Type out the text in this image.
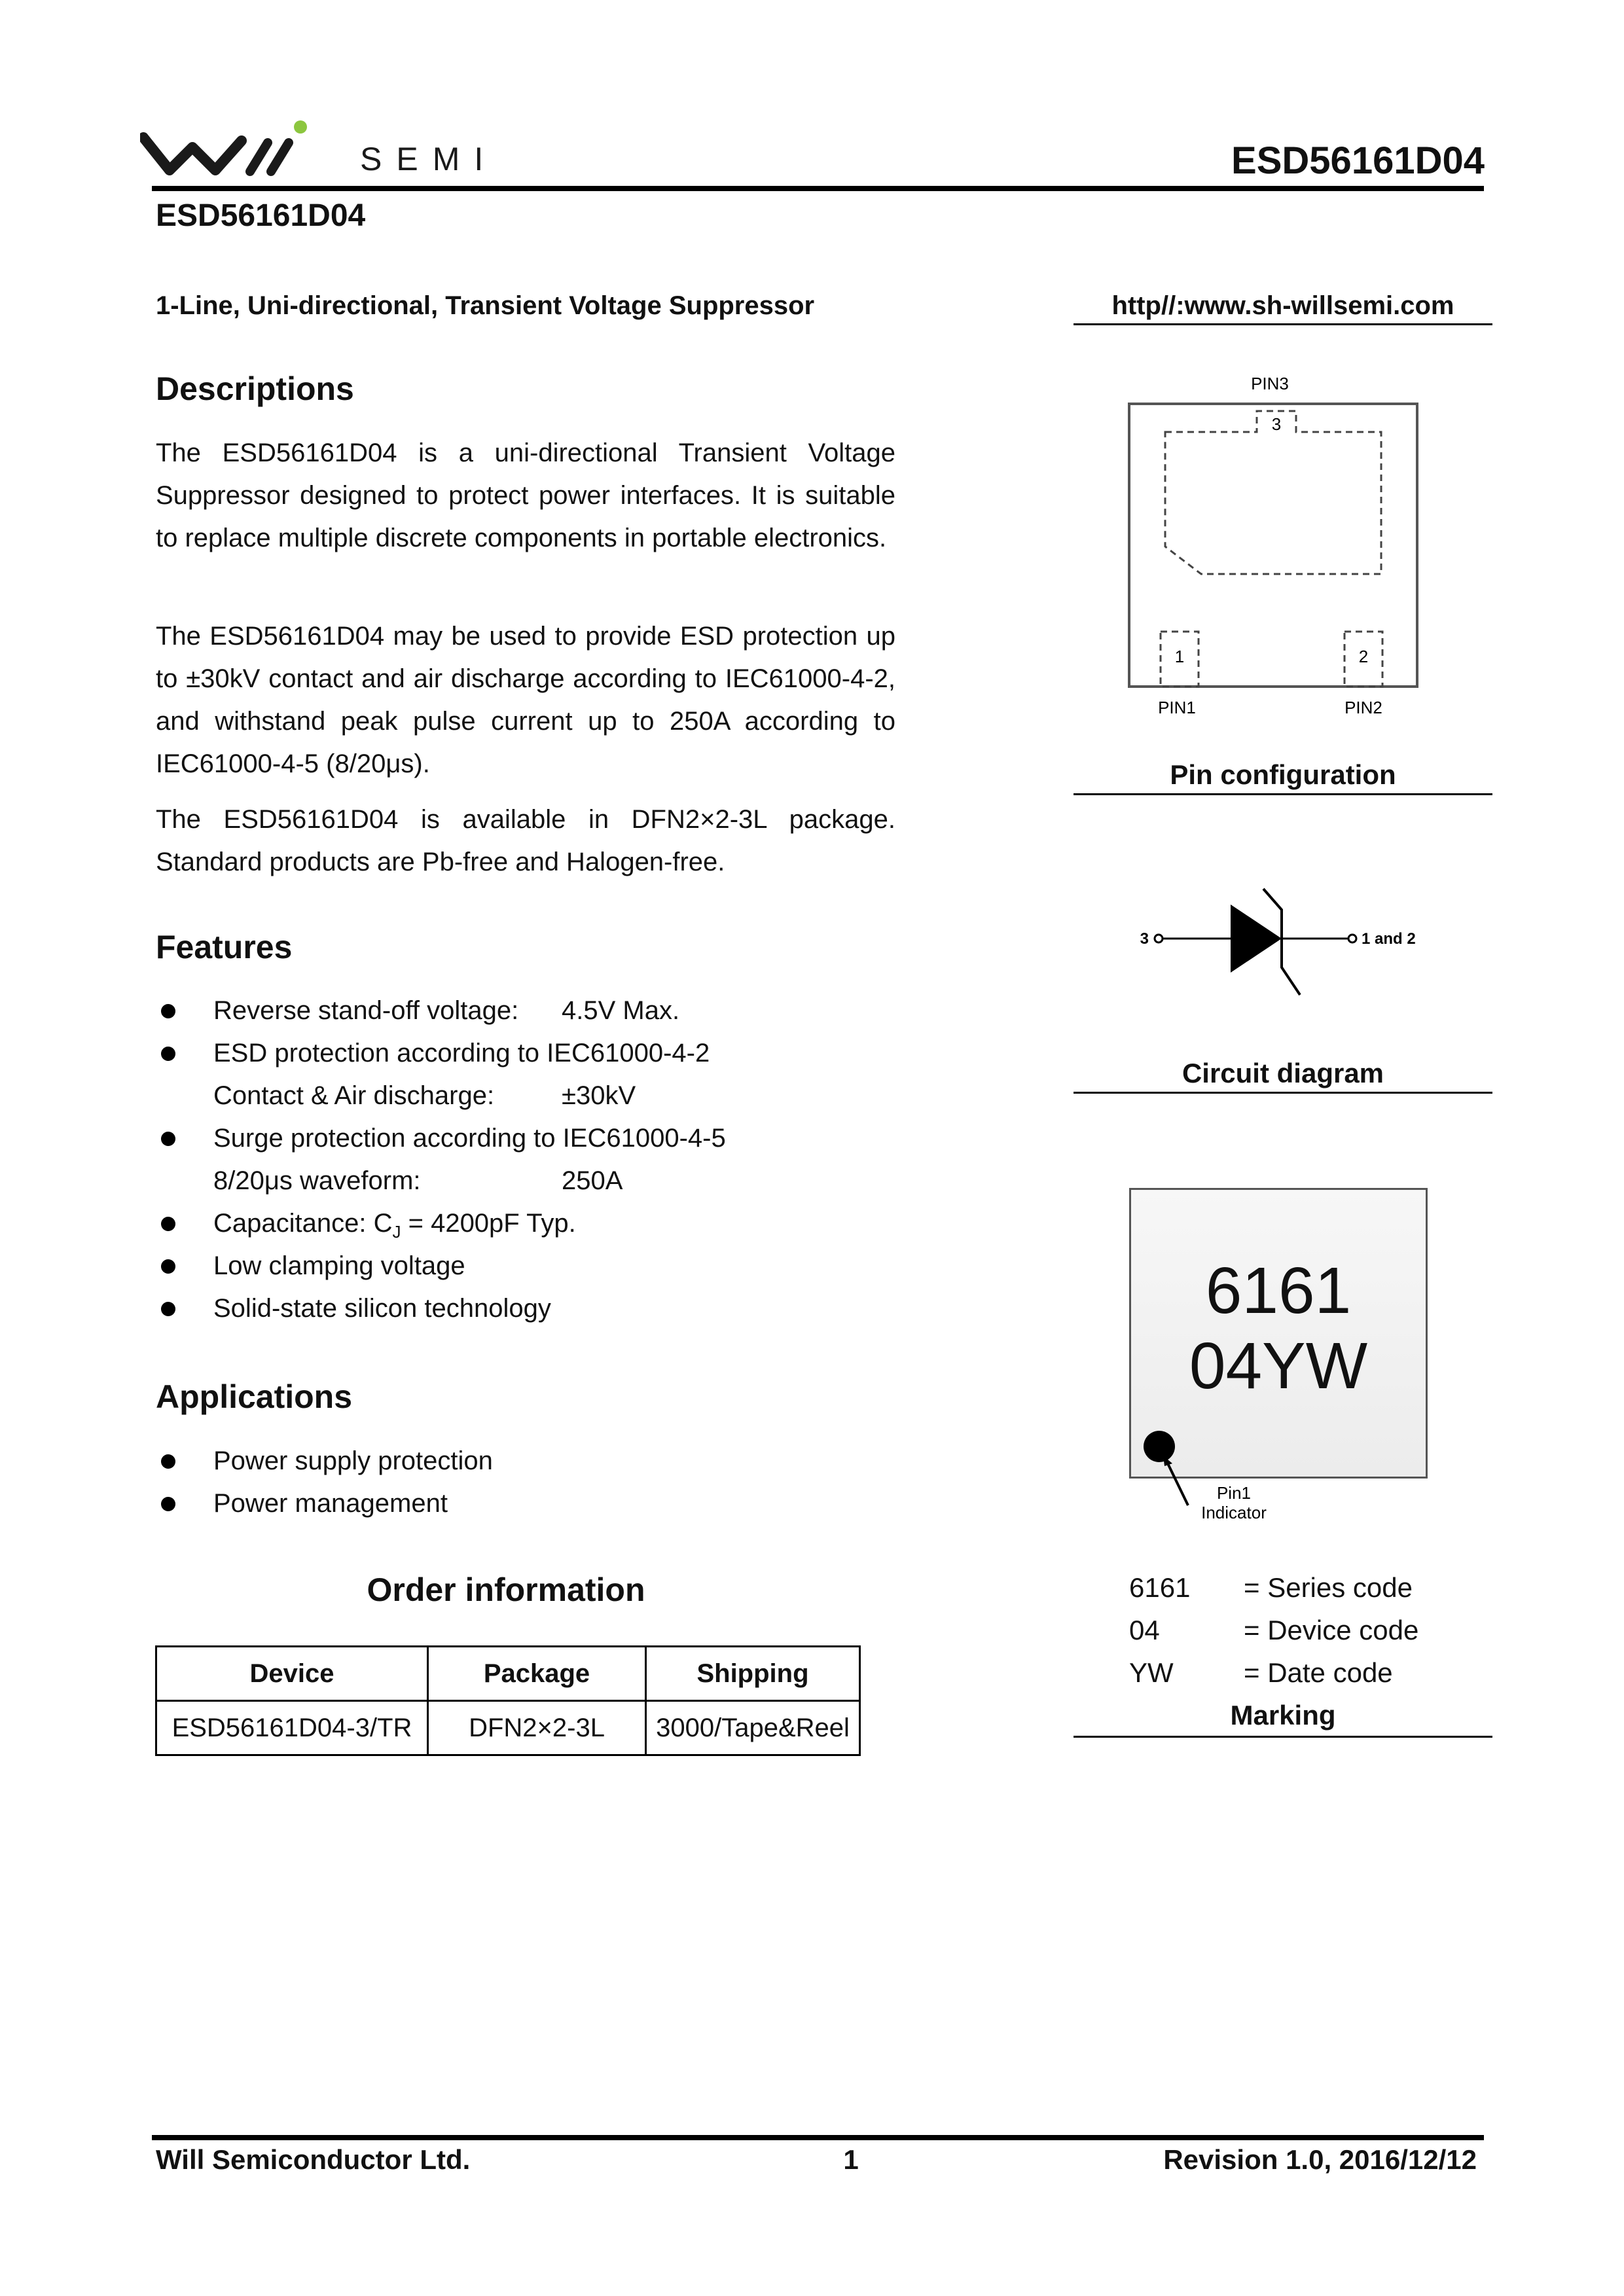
SEMI	ESD56161D04
ESD56161D04
1-Line, Uni-directional, Transient Voltage Suppressor	http//:www.sh-willsemi.com
Descriptions
The ESD56161D04 is a uni-directional Transient Voltage Suppressor designed to protect power interfaces. It is suitable to replace multiple discrete components in portable electronics.
The ESD56161D04 may be used to provide ESD protection up to ±30kV contact and air discharge according to IEC61000-4-2, and withstand peak pulse current up to 250A according to IEC61000-4-5 (8/20μs).
The ESD56161D04 is available in DFN2×2-3L package. Standard products are Pb-free and Halogen-free.
Features
Reverse stand-off voltage: 4.5V Max.
ESD protection according to IEC61000-4-2
Contact & Air discharge:	±30kV
Surge protection according to IEC61000-4-5
8/20μs waveform:	250A
Capacitance: $C_J = 4200pF$ Typ.
Low clamping voltage
Solid-state silicon technology
Applications
Power supply protection
Power management
Order information
Device	Package	Shipping
ESD56161D04-3/TR	DFN2×2-3L	3000/Tape&Reel
PIN3
3
1	2
PIN1	PIN2
Pin configuration
3	1 and 2
Circuit diagram
6161
04YW
Pin1
Indicator
6161 = Series code
04	= Device code
YW	= Date code
Marking
Will Semiconductor Ltd.	1	Revision 1.0, 2016/12/12
